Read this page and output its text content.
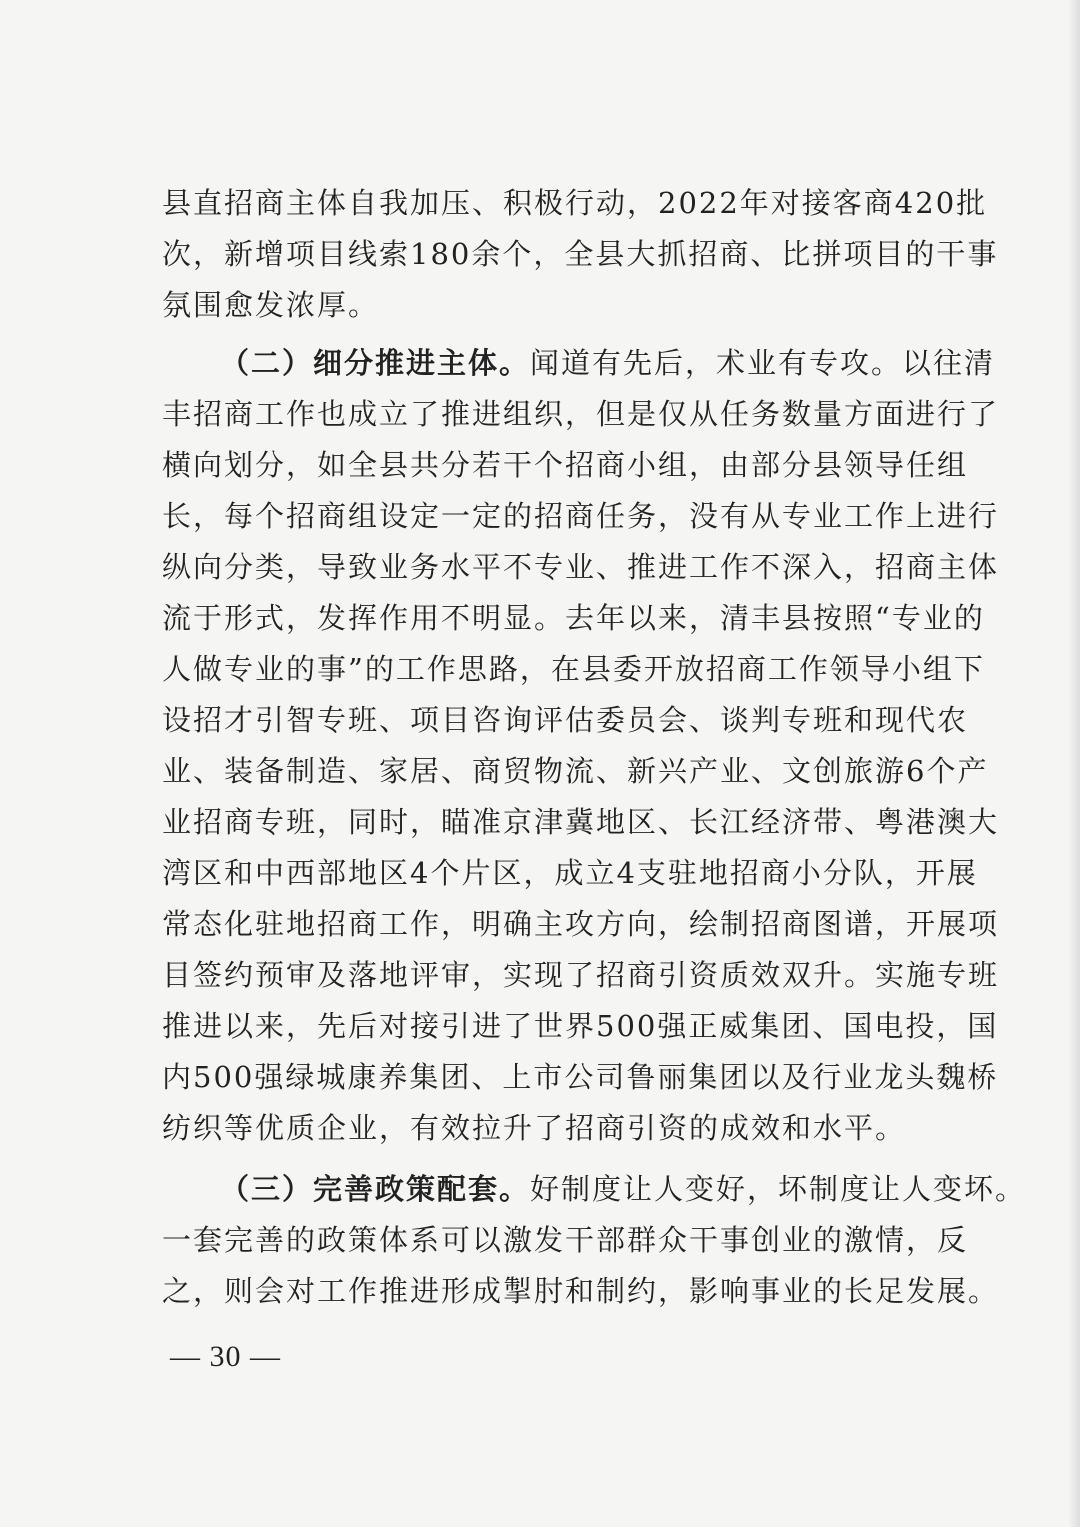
县直招商主体自我加压、积极行动，2022年对接客商420批
次，新增项目线索180余个，全县大抓招商、比拼项目的干事
氛围愈发浓厚。
（二）细分推进主体。闻道有先后，术业有专攻。以往清
丰招商工作也成立了推进组织，但是仅从任务数量方面进行了
横向划分，如全县共分若干个招商小组，由部分县领导任组
长，每个招商组设定一定的招商任务，没有从专业工作上进行
纵向分类，导致业务水平不专业、推进工作不深入，招商主体
流于形式，发挥作用不明显。去年以来，清丰县按照“专业的
人做专业的事”的工作思路，在县委开放招商工作领导小组下
设招才引智专班、项目咨询评估委员会、谈判专班和现代农
业、装备制造、家居、商贸物流、新兴产业、文创旅游6个产
业招商专班，同时，瞄准京津冀地区、长江经济带、粤港澳大
湾区和中西部地区4个片区，成立4支驻地招商小分队，开展
常态化驻地招商工作，明确主攻方向，绘制招商图谱，开展项
目签约预审及落地评审，实现了招商引资质效双升。实施专班
推进以来，先后对接引进了世界500强正威集团、国电投，国
内500强绿城康养集团、上市公司鲁丽集团以及行业龙头魏桥
纺织等优质企业，有效拉升了招商引资的成效和水平。
（三）完善政策配套。好制度让人变好，坏制度让人变坏。
一套完善的政策体系可以激发干部群众干事创业的激情，反
之，则会对工作推进形成掣肘和制约，影响事业的长足发展。
— 30 —
